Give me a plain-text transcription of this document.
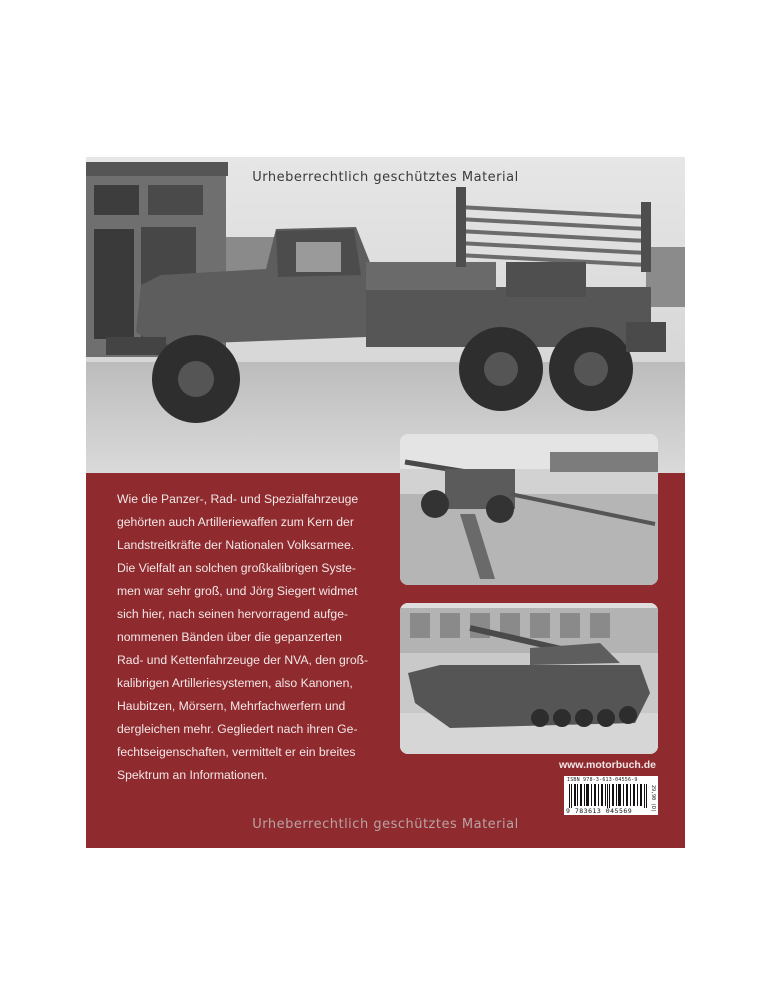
Urheberrechtlich geschütztes Material

Wie die Panzer-, Rad- und Spezialfahrzeuge

gehörten auch Artilleriewaffen zum Kern der

Landstreitkräfte der Nationalen Volksarmee.

Die Vielfalt an solchen großkalibrigen Syste-

men war sehr groß, und Jörg Siegert widmet

sich hier, nach seinen hervorragend aufge-

nommenen Bänden über die gepanzerten

Rad- und Kettenfahrzeuge der NVA, den groß-

kalibrigen Artilleriesystemen, also Kanonen,

Haubitzen, Mörsern, Mehrfachwerfern und

dergleichen mehr. Gegliedert nach ihren Ge-

fechtseigenschaften, vermittelt er ein breites

Spektrum an Informationen.

www.motorbuch.de
ISBN 978-3-613-04556-9
9 783613 045569	29,90 (D)
Urheberrechtlich geschütztes Material
